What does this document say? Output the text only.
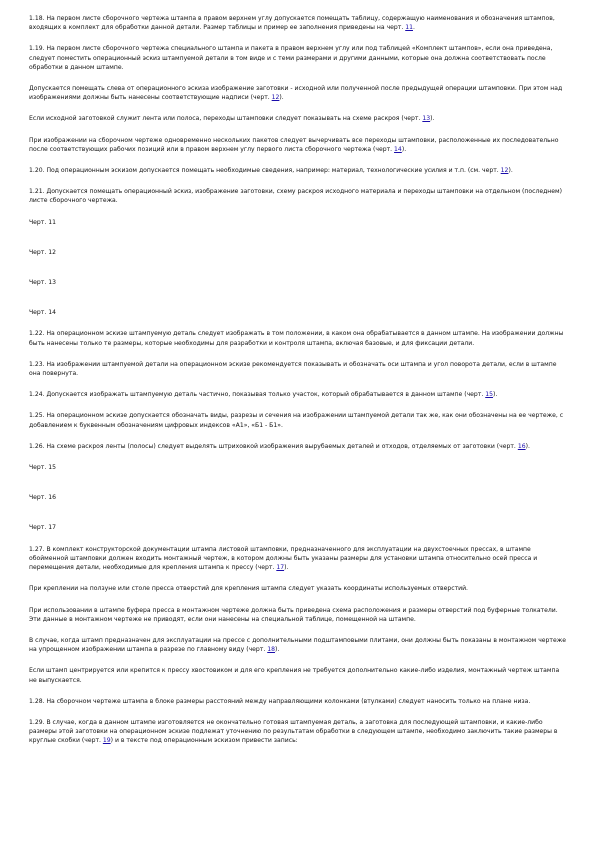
1.18. На первом листе сборочного чертежа штампа в правом верхнем углу допускается помещать таблицу, содержащую наименования и обозначения штампов, входящих в комплект для обработки данной детали. Размер таблицы и пример ее заполнения приведены на черт. 11.

1.19. На первом листе сборочного чертежа специального штампа и пакета в правом верхнем углу или под таблицей «Комплект штампов», если она приведена, следует поместить операционный эскиз штампуемой детали в том виде и с теми размерами и другими данными, которые она должна соответствовать после обработки в данном штампе.

Допускается помещать слева от операционного эскиза изображение заготовки - исходной или полученной после предыдущей операции штамповки. При этом над изображениями должны быть нанесены соответствующие надписи (черт. 12).

Если исходной заготовкой служит лента или полоса, переходы штамповки следует показывать на схеме раскроя (черт. 13).

При изображении на сборочном чертеже одновременно нескольких пакетов следует вычерчивать все переходы штамповки, расположенные их последовательно после соответствующих рабочих позиций или в правом верхнем углу первого листа сборочного чертежа (черт. 14).

1.20. Под операционным эскизом допускается помещать необходимые сведения, например: материал, технологические усилия и т.п. (см. черт. 12).

1.21. Допускается помещать операционный эскиз, изображение заготовки, схему раскроя исходного материала и переходы штамповки на отдельном (последнем) листе сборочного чертежа.

Черт. 11

Черт. 12

Черт. 13

Черт. 14

1.22. На операционном эскизе штампуемую деталь следует изображать в том положении, в каком она обрабатывается в данном штампе. На изображении должны быть нанесены только те размеры, которые необходимы для разработки и контроля штампа, включая базовые, и для фиксации детали.

1.23. На изображении штампуемой детали на операционном эскизе рекомендуется показывать и обозначать оси штампа и угол поворота детали, если в штампе она повернута.

1.24. Допускается изображать штампуемую деталь частично, показывая только участок, который обрабатывается в данном штампе (черт. 15).

1.25. На операционном эскизе допускается обозначать виды, разрезы и сечения на изображении штампуемой детали так же, как они обозначены на ее чертеже, с добавлением к буквенным обозначениям цифровых индексов «А1», «Б1 - Б1».

1.26. На схеме раскроя ленты (полосы) следует выделять штриховкой изображения вырубаемых деталей и отходов, отделяемых от заготовки (черт. 16).

Черт. 15

Черт. 16

Черт. 17

1.27. В комплект конструкторской документации штампа листовой штамповки, предназначенного для эксплуатации на двухстоечных прессах, в штампе обойменной штамповки должен входить монтажный чертеж, в котором должны быть указаны размеры для установки штампа относительно осей пресса и перемещения детали, необходимые для крепления штампа к прессу (черт. 17).

При креплении на ползуне или столе пресса отверстий для крепления штампа следует указать координаты используемых отверстий.

При использовании в штампе буфера пресса в монтажном чертеже должна быть приведена схема расположения и размеры отверстий под буферные толкатели. Эти данные в монтажном чертеже не приводят, если они нанесены на специальной таблице, помещенной на штампе.

В случае, когда штамп предназначен для эксплуатации на прессе с дополнительными подштамповыми плитами, они должны быть показаны в монтажном чертеже на упрощенном изображении штампа в разрезе по главному виду (черт. 18).

Если штамп центрируется или крепится к прессу хвостовиком и для его крепления не требуется дополнительно какие-либо изделия, монтажный чертеж штампа не выпускается.

1.28. На сборочном чертеже штампа в блоке размеры расстояний между направляющими колонками (втулками) следует наносить только на плане низа.

1.29. В случае, когда в данном штампе изготовляется не окончательно готовая штампуемая деталь, а заготовка для последующей штамповки, и какие-либо размеры этой заготовки на операционном эскизе подлежат уточнению по результатам обработки в следующем штампе, необходимо заключить такие размеры в круглые скобки (черт. 19) и в тексте под операционным эскизом привести запись:
